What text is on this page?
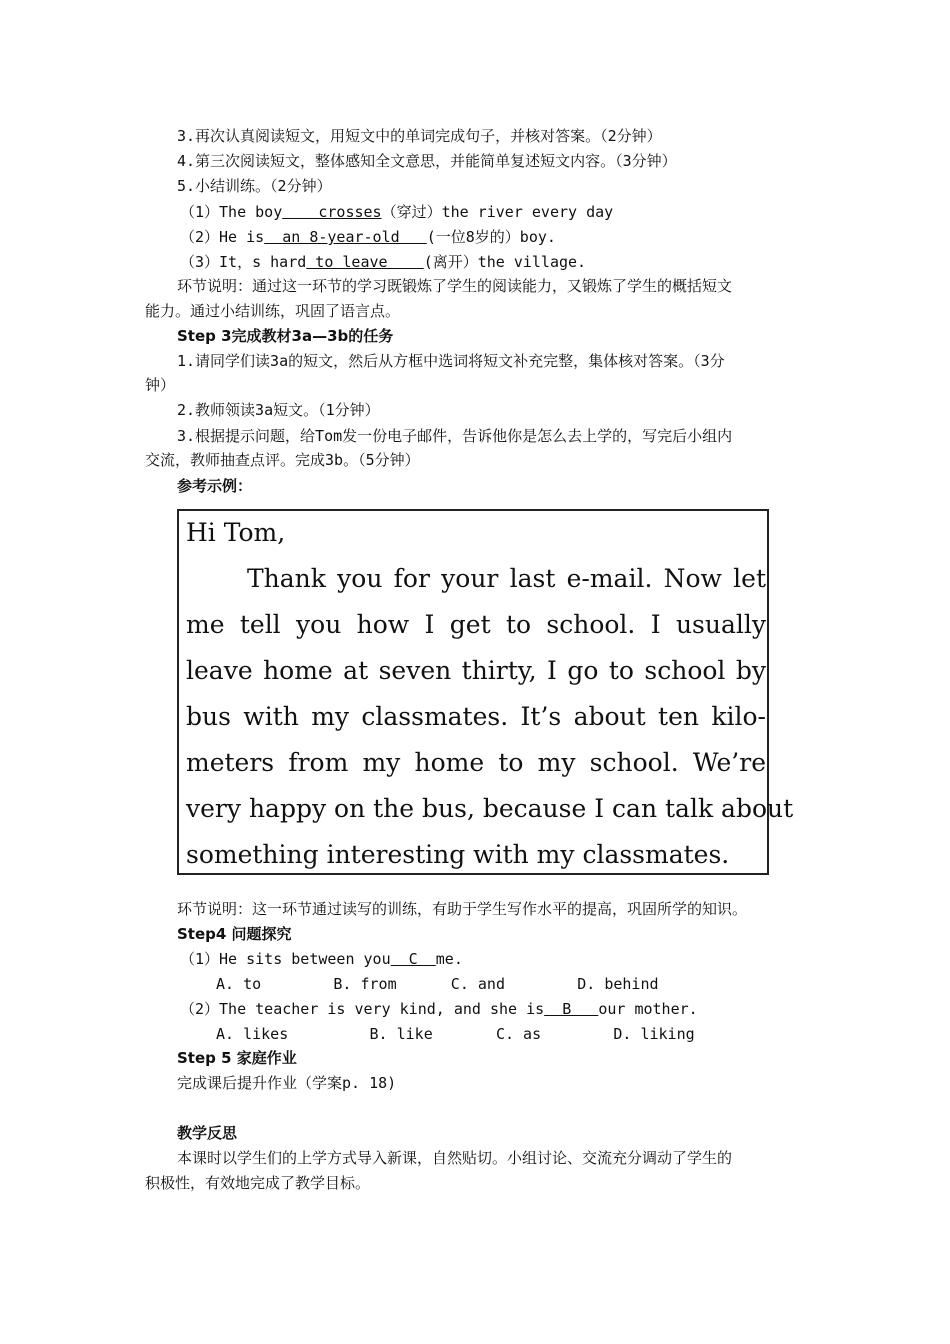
3.再次认真阅读短文，用短文中的单词完成句子，并核对答案。（2分钟）
4.第三次阅读短文，整体感知全文意思，并能简单复述短文内容。（3分钟）
5.小结训练。（2分钟）
（1）The boy    crosses（穿过）the river every day
（2）He is  an 8-year-old   (一位8岁的）boy.
（3）It，s hard to leave    (离开）the village.
环节说明：通过这一环节的学习既锻炼了学生的阅读能力，又锻炼了学生的概括短文
能力。通过小结训练，巩固了语言点。
Step 3完成教材3a—3b的任务
1.请同学们读3a的短文，然后从方框中选词将短文补充完整，集体核对答案。（3分
钟）
2.教师领读3a短文。（1分钟）
3.根据提示问题，给Tom发一份电子邮件，告诉他你是怎么去上学的，写完后小组内
交流，教师抽查点评。完成3b。（5分钟）
参考示例：
Hi Tom,
Thank you for your last e-mail. Now let
me tell you how I get to school. I usually
leave home at seven thirty, I go to school by
bus with my classmates. It’s about ten kilo-
meters from my home to my school. We’re
very happy on the bus, because I can talk about
something interesting with my classmates.
环节说明：这一环节通过读写的训练，有助于学生写作水平的提高，巩固所学的知识。
Step4 问题探究
（1）He sits between you  C  me.
A. to        B. from      C. and        D. behind
（2）The teacher is very kind, and she is  B   our mother.
A. likes         B. like       C. as        D. liking
Step 5 家庭作业
完成课后提升作业（学案p. 18)
教学反思
本课时以学生们的上学方式导入新课，自然贴切。小组讨论、交流充分调动了学生的
积极性，有效地完成了教学目标。
